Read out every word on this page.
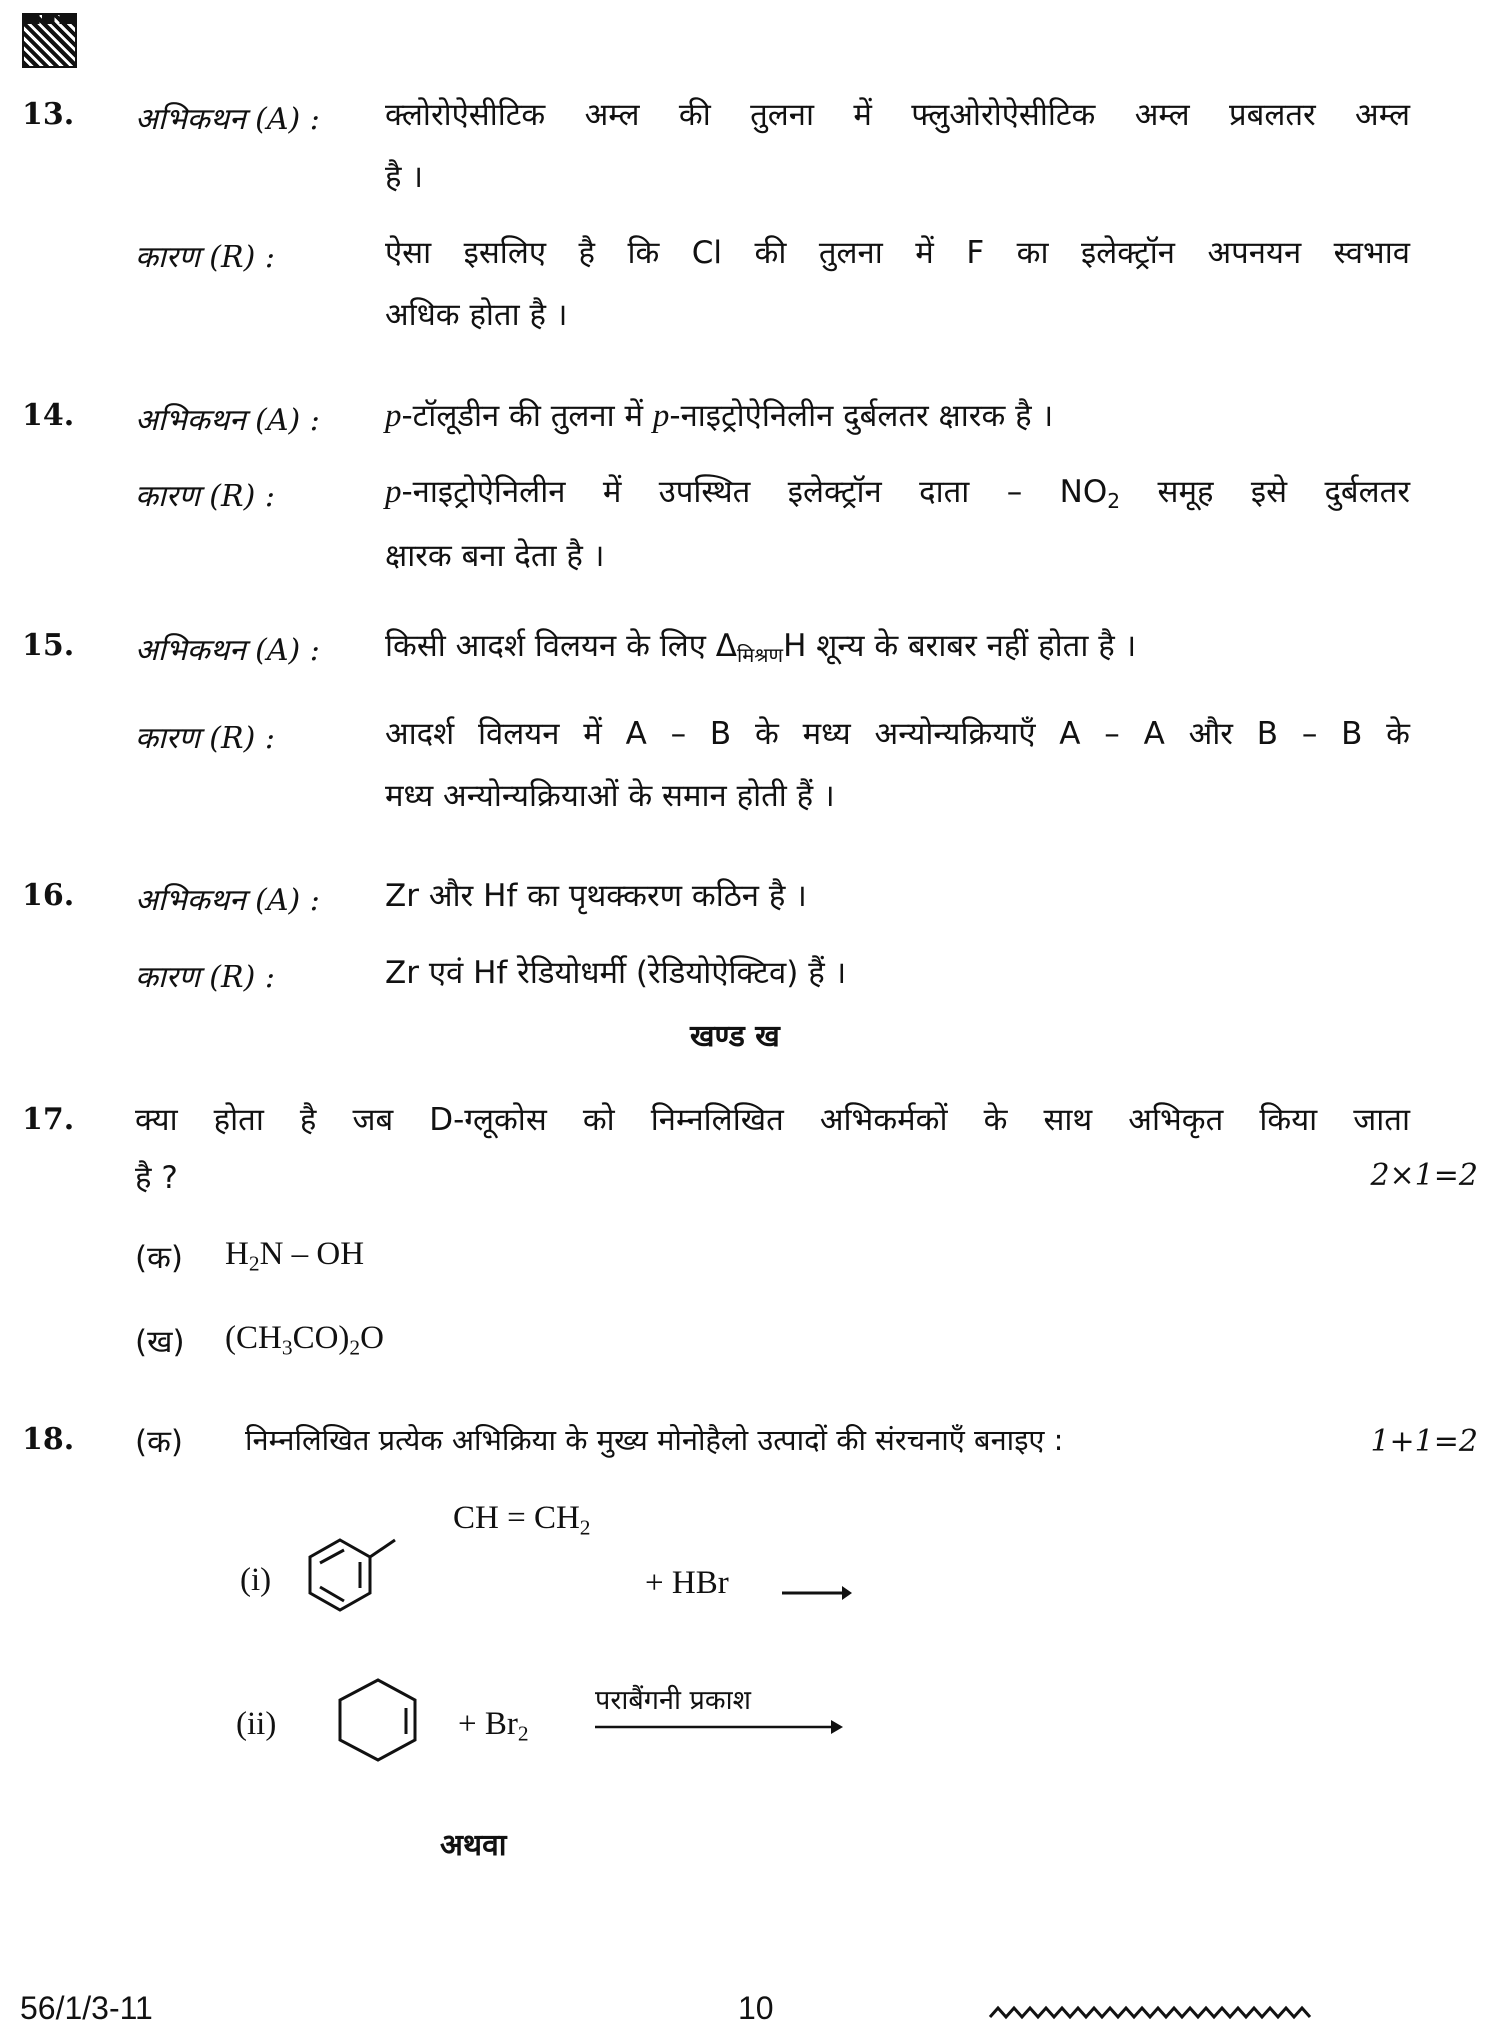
13. अभिकथन (A) : क्लोरोऐसीटिक अम्ल की तुलना में फ्लुओरोऐसीटिक अम्ल प्रबलतर अम्ल
है ।
कारण (R) :	ऐसा इसलिए है कि Cl की तुलना में F का इलेक्ट्रॉन अपनयन स्वभाव
अधिक होता है ।
14. अभिकथन (A) : p-टॉलूडीन की तुलना में p-नाइट्रोऐनिलीन दुर्बलतर क्षारक है ।
कारण (R) :	p-नाइट्रोऐनिलीन में उपस्थित इलेक्ट्रॉन दाता – $NO_2$ समूह इसे दुर्बलतर
क्षारक बना देता है ।
15. अभिकथन (A) : किसी आदर्श विलयन के लिए $\Delta_{मिश्रण}H$ शून्य के बराबर नहीं होता है ।
कारण (R) :	आदर्श विलयन में A – B के मध्य अन्योन्यक्रियाएँ A – A और B – B के
मध्य अन्योन्यक्रियाओं के समान होती हैं ।
16. अभिकथन (A) : Zr और Hf का पृथक्करण कठिन है ।
कारण (R) :	Zr एवं Hf रेडियोधर्मी (रेडियोऐक्टिव) हैं ।
खण्ड ख
17. क्या होता है जब D-ग्लूकोस को निम्नलिखित अभिकर्मकों के साथ अभिकृत किया जाता
है ?	2×1=2
(क) $H_2N$ – OH
(ख) $(CH_3CO)_2O$
18. (क) निम्नलिखित प्रत्येक अभिक्रिया के मुख्य मोनोहैलो उत्पादों की संरचनाएँ बनाइए :	1+1=2
(i)
CH = $CH_2$
+ HBr
(ii)	+ $Br_2$
पराबैंगनी प्रकाश
अथवा
56/1/3-11	10
